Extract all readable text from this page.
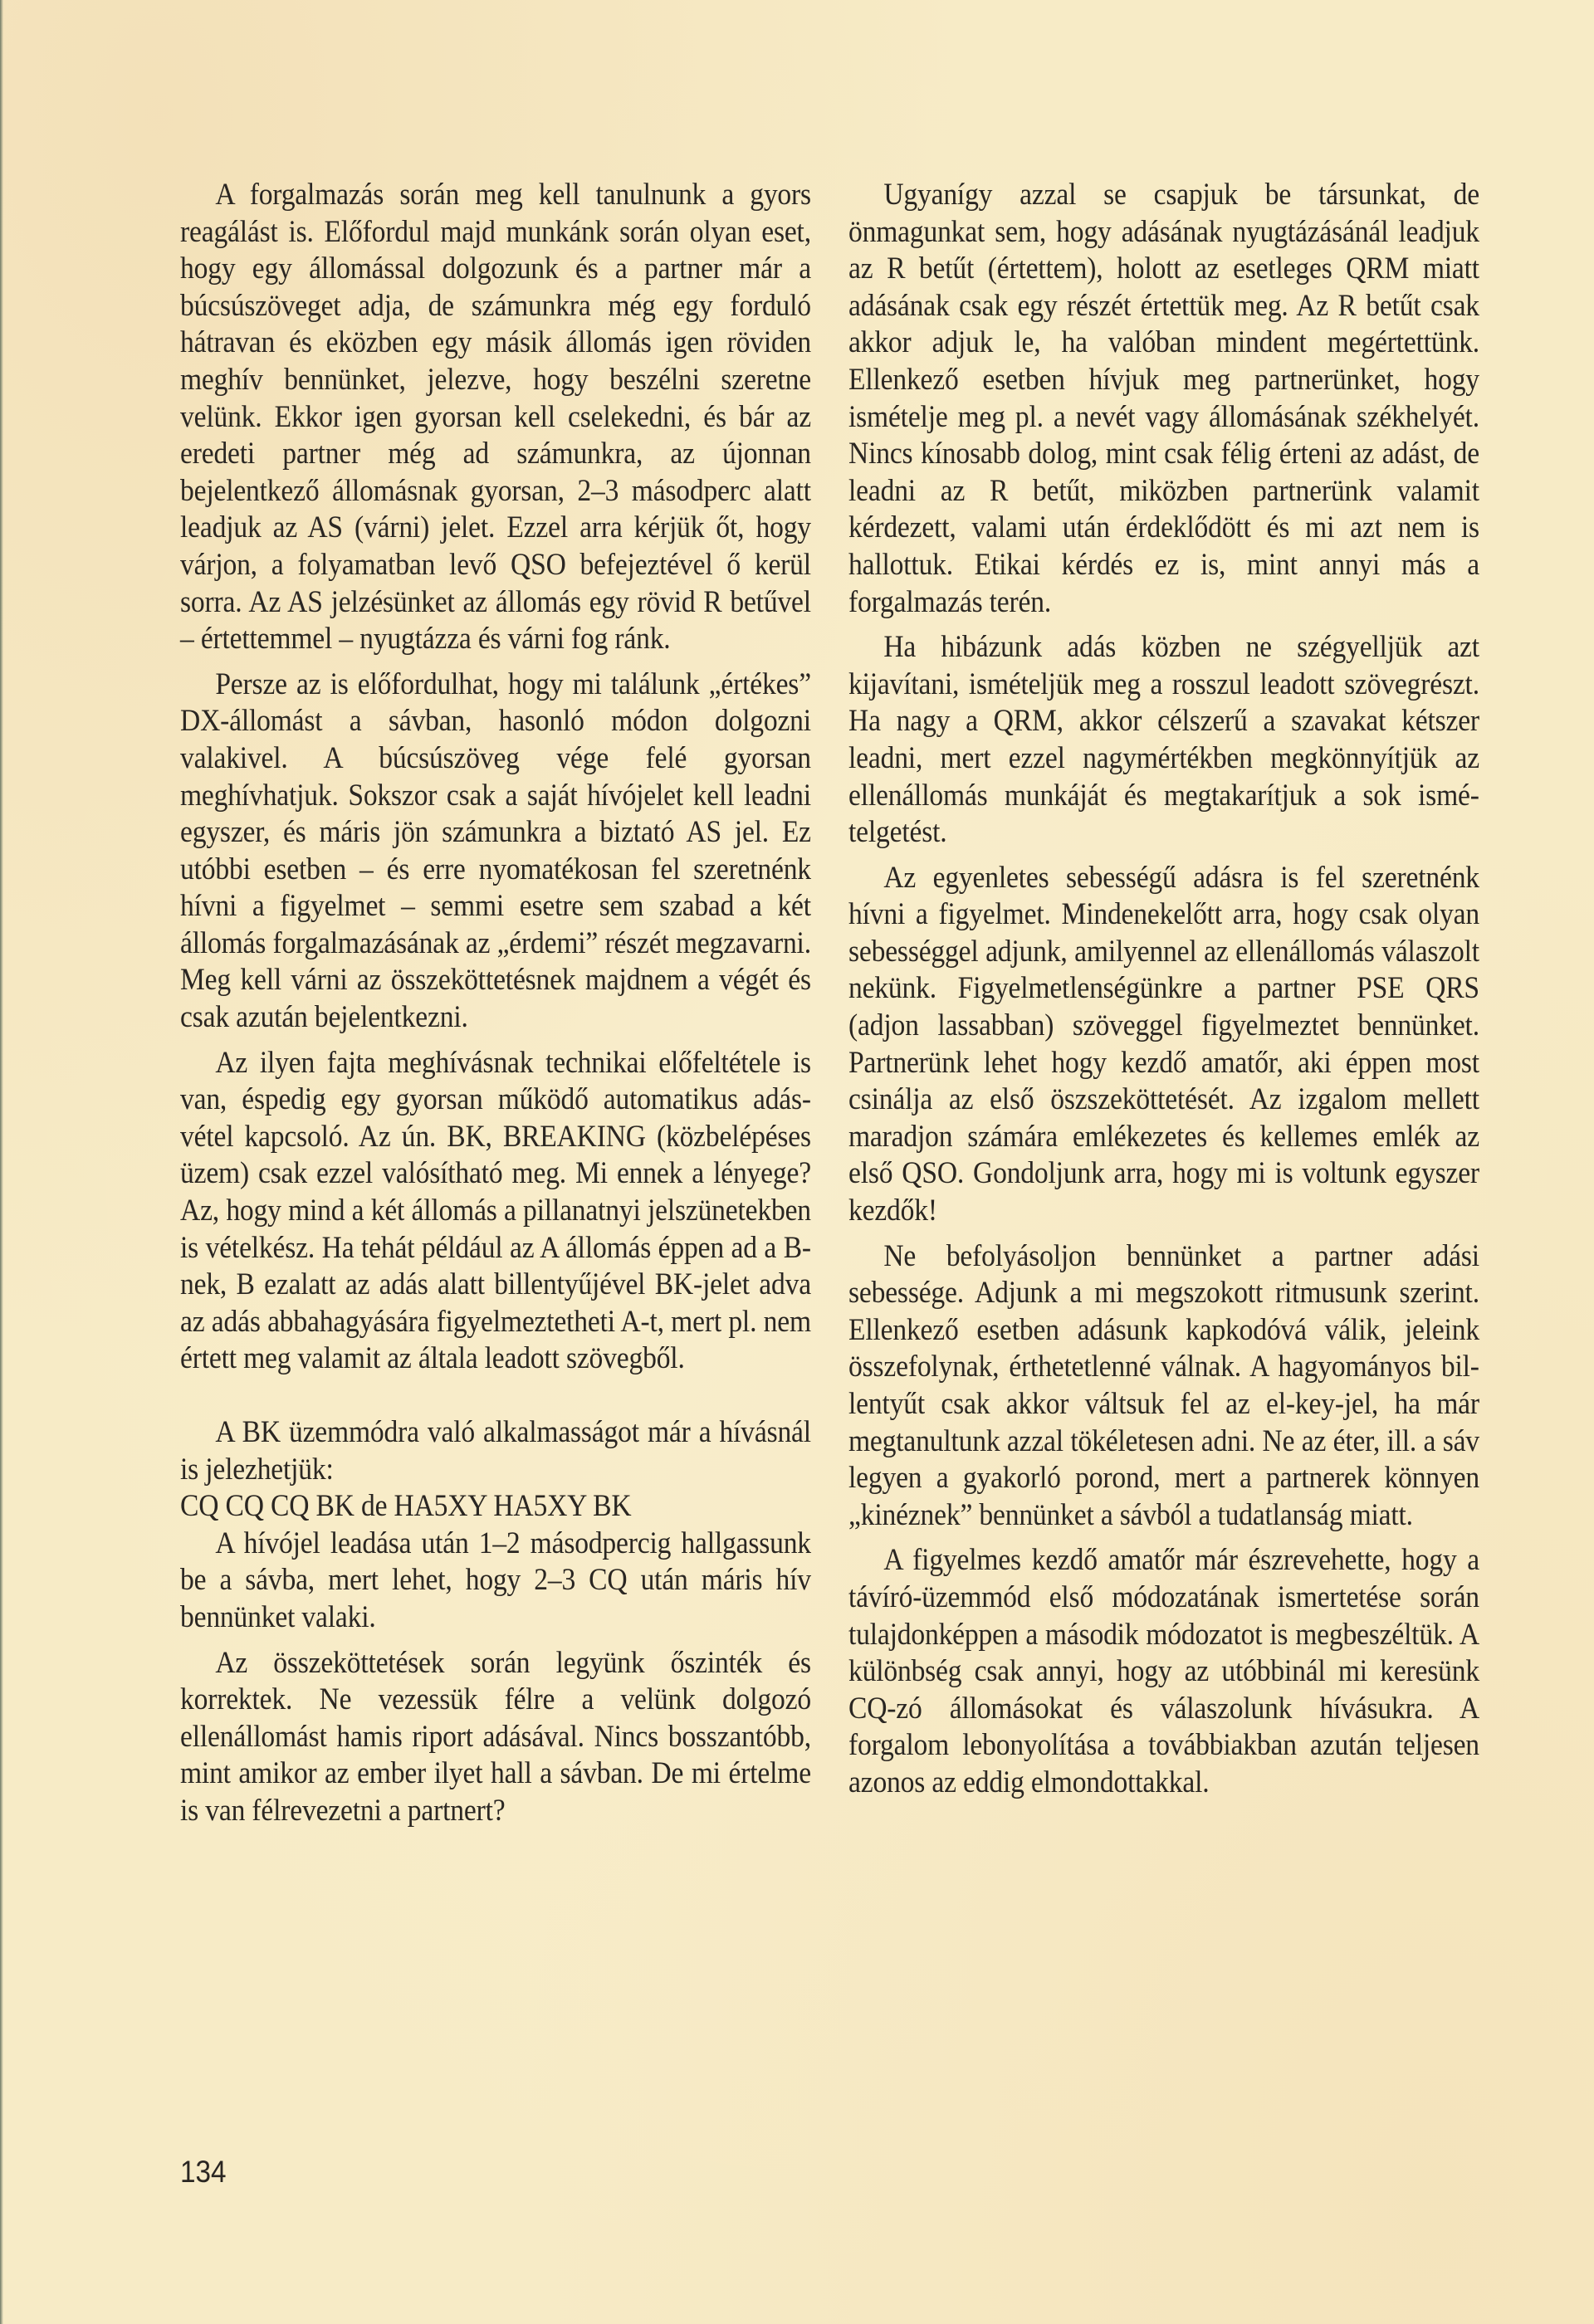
A forgalmazás során meg kell tanulnunk a gyors reagálást is. Előfordul majd munkánk során olyan eset, hogy egy állomással dolgozunk és a partner már a búcsúszöveget adja, de számunkra még egy forduló hátravan és eközben egy másik állomás igen röviden meghív bennünket, jelezve, hogy beszélni szeretne velünk. Ekkor igen gyorsan kell cselekedni, és bár az eredeti partner még ad számunkra, az újonnan bejelentkező állomásnak gyorsan, 2–3 másodperc alatt leadjuk az AS (várni) jelet. Ezzel arra kérjük őt, hogy várjon, a folyamatban levő QSO befejeztével ő kerül sorra. Az AS jelzésünket az állomás egy rövid R betűvel – értettemmel – nyugtázza és várni fog ránk.

Persze az is előfordulhat, hogy mi találunk „értékes” DX-állomást a sávban, hasonló módon dolgozni valakivel. A búcsúszöveg vége felé gyorsan meghívhatjuk. Sokszor csak a saját hívójelet kell leadni egyszer, és máris jön számunkra a biztató AS jel. Ez utóbbi esetben – és erre nyomatékosan fel szeretnénk hívni a figyelmet – semmi esetre sem szabad a két állomás forgalmazásának az „érdemi” részét megzavarni. Meg kell várni az összeköttetésnek majdnem a végét és csak azután bejelentkezni.

Az ilyen fajta meghívásnak technikai előfeltétele is van, éspedig egy gyorsan működő automatikus adás-vétel kapcsoló. Az ún. BK, BREAKING (közbelépéses üzem) csak ezzel valósítható meg. Mi ennek a lényege? Az, hogy mind a két állomás a pillanatnyi jelszünetekben is vételkész. Ha tehát például az A állomás éppen ad a B-nek, B ezalatt az adás alatt billentyűjével BK-jelet adva az adás abbahagyására figyelmeztetheti A-t, mert pl. nem értett meg valamit az általa leadott szövegből.

A BK üzemmódra való alkalmasságot már a hívásnál is jelezhetjük:

CQ CQ CQ BK de HA5XY HA5XY BK

A hívójel leadása után 1–2 másodpercig hallgassunk be a sávba, mert lehet, hogy 2–3 CQ után máris hív bennünket valaki.

Az összeköttetések során legyünk őszinték és korrektek. Ne vezessük félre a velünk dolgozó ellenállomást hamis riport adásával. Nincs bosszantóbb, mint amikor az ember ilyet hall a sávban. De mi értelme is van félrevezetni a partnert?

Ugyanígy azzal se csapjuk be társunkat, de önmagunkat sem, hogy adásának nyugtázásánál leadjuk az R betűt (értettem), holott az esetleges QRM miatt adásának csak egy részét értettük meg. Az R betűt csak akkor adjuk le, ha valóban mindent megértettünk. Ellenkező esetben hívjuk meg partnerünket, hogy ismételje meg pl. a nevét vagy állomásának székhelyét. Nincs kínosabb dolog, mint csak félig érteni az adást, de leadni az R betűt, miközben partnerünk valamit kérdezett, valami után érdeklődött és mi azt nem is hallottuk. Etikai kérdés ez is, mint annyi más a forgalmazás terén.

Ha hibázunk adás közben ne szégyelljük azt kijavítani, ismételjük meg a rosszul leadott szövegrészt. Ha nagy a QRM, akkor célszerű a szavakat kétszer leadni, mert ezzel nagymértékben megkönnyítjük az ellenállomás munkáját és megtakarítjuk a sok ismételgetést.

Az egyenletes sebességű adásra is fel szeretnénk hívni a figyelmet. Mindenekelőtt arra, hogy csak olyan sebességgel adjunk, amilyennel az ellenállomás válaszolt nekünk. Figyelmetlenségünkre a partner PSE QRS (adjon lassabban) szöveggel figyelmeztet bennünket. Partnerünk lehet hogy kezdő amatőr, aki éppen most csinálja az első öszszeköttetését. Az izgalom mellett maradjon számára emlékezetes és kellemes emlék az első QSO. Gondoljunk arra, hogy mi is voltunk egyszer kezdők!

Ne befolyásoljon bennünket a partner adási sebessége. Adjunk a mi megszokott ritmusunk szerint. Ellenkező esetben adásunk kapkodóvá válik, jeleink összefolynak, érthetetlenné válnak. A hagyományos billentyűt csak akkor váltsuk fel az el-key-jel, ha már megtanultunk azzal tökéletesen adni. Ne az éter, ill. a sáv legyen a gyakorló porond, mert a partnerek könnyen „kinéznek” bennünket a sávból a tudatlanság miatt.

A figyelmes kezdő amatőr már észrevehette, hogy a távíró-üzemmód első módozatának ismertetése során tulajdonképpen a második módozatot is megbeszéltük. A különbség csak annyi, hogy az utóbbinál mi keresünk CQ-zó állomásokat és válaszolunk hívásukra. A forgalom lebonyolítása a továbbiakban azután teljesen azonos az eddig elmondottakkal.

134
